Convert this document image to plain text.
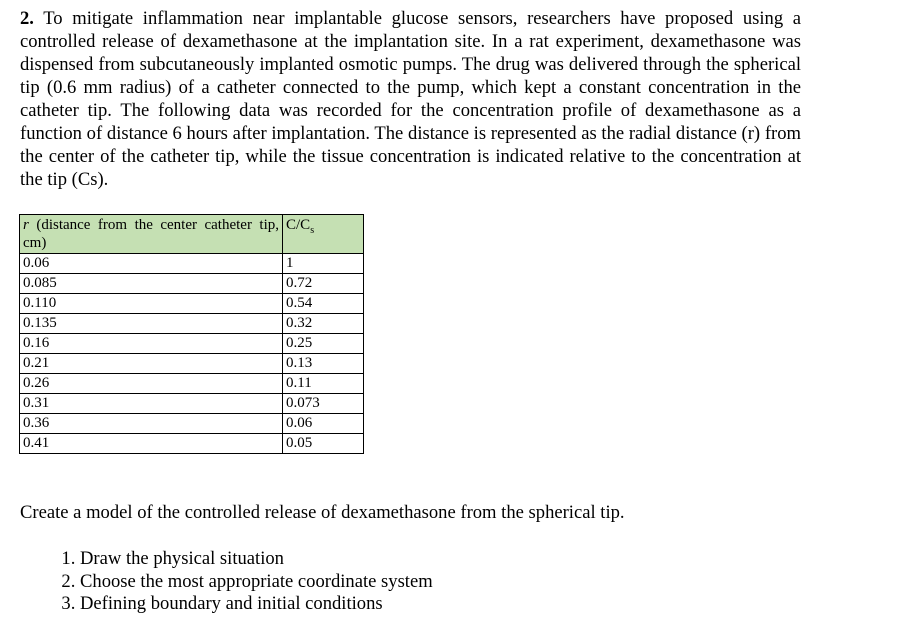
2. To mitigate inflammation near implantable glucose sensors, researchers have proposed using a controlled release of dexamethasone at the implantation site. In a rat experiment, dexamethasone was dispensed from subcutaneously implanted osmotic pumps. The drug was delivered through the spherical tip (0.6 mm radius) of a catheter connected to the pump, which kept a constant concentration in the catheter tip. The following data was recorded for the concentration profile of dexamethasone as a function of distance 6 hours after implantation. The distance is represented as the radial distance (r) from the center of the catheter tip, while the tissue concentration is indicated relative to the concentration at the tip (Cs).

r (distance from the center catheter tip, cm)	$C/C_s$
0.06	1
0.085	0.72
0.110	0.54
0.135	0.32
0.16	0.25
0.21	0.13
0.26	0.11
0.31	0.073
0.36	0.06
0.41	0.05

Create a model of the controlled release of dexamethasone from the spherical tip.

1. Draw the physical situation
2. Choose the most appropriate coordinate system
3. Defining boundary and initial conditions
